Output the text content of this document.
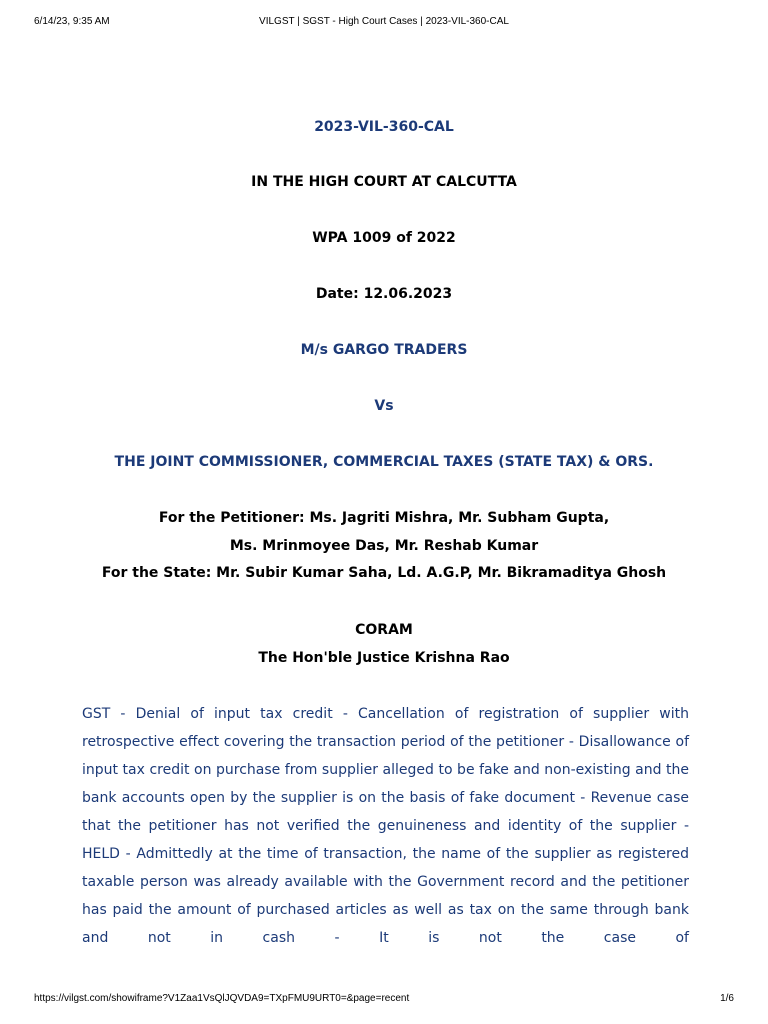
6/14/23, 9:35 AM	VILGST | SGST - High Court Cases | 2023-VIL-360-CAL
2023-VIL-360-CAL
IN THE HIGH COURT AT CALCUTTA
WPA 1009 of 2022
Date: 12.06.2023
M/s GARGO TRADERS
Vs
THE JOINT COMMISSIONER, COMMERCIAL TAXES (STATE TAX) & ORS.
For the Petitioner: Ms. Jagriti Mishra, Mr. Subham Gupta,
Ms. Mrinmoyee Das, Mr. Reshab Kumar
For the State: Mr. Subir Kumar Saha, Ld. A.G.P, Mr. Bikramaditya Ghosh
CORAM
The Hon'ble Justice Krishna Rao
GST - Denial of input tax credit - Cancellation of registration of supplier with retrospective effect covering the transaction period of the petitioner - Disallowance of input tax credit on purchase from supplier alleged to be fake and non-existing and the bank accounts open by the supplier is on the basis of fake document - Revenue case that the petitioner has not verified the genuineness and identity of the supplier - HELD - Admittedly at the time of transaction, the name of the supplier as registered taxable person was already available with the Government record and the petitioner has paid the amount of purchased articles as well as tax on the same through bank and not in cash - It is not the case of
https://vilgst.com/showiframe?V1Zaa1VsQlJQVDA9=TXpFMU9URT0=&page=recent	1/6
